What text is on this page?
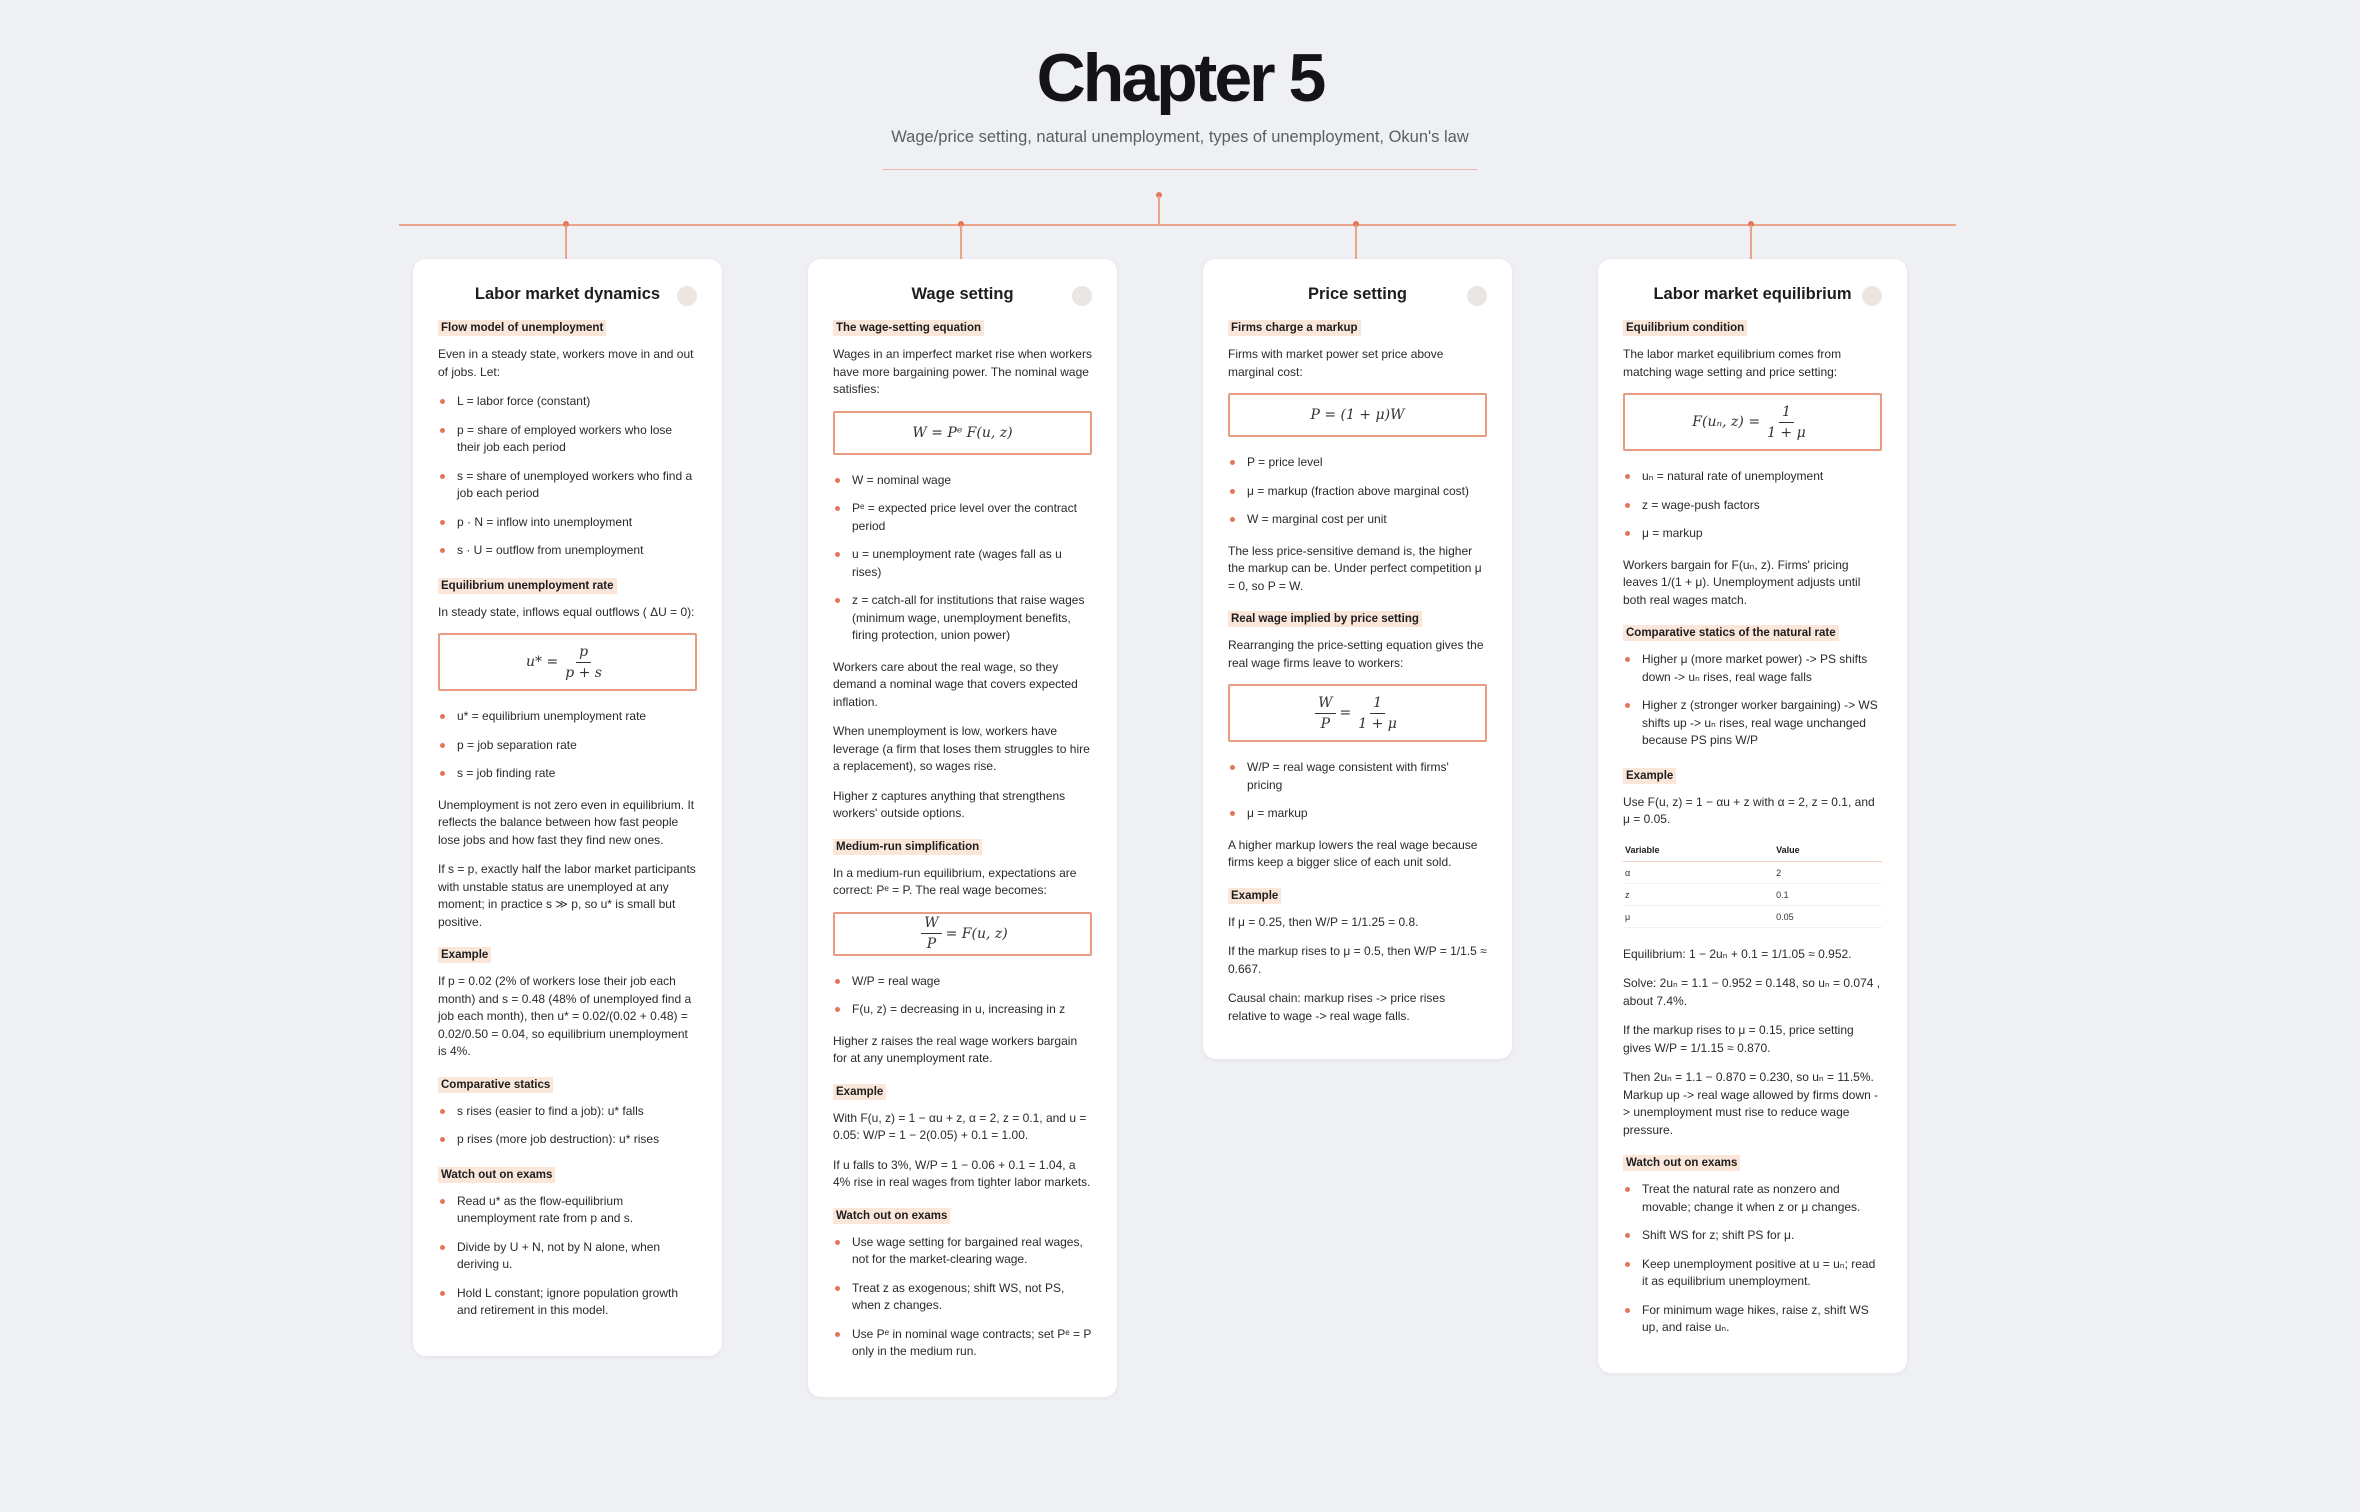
Chapter 5
Wage/price setting, natural unemployment, types of unemployment, Okun's law
Labor market dynamics
Flow model of unemployment

Even in a steady state, workers move in and out of jobs. Let:

L = labor force (constant)
p = share of employed workers who lose their job each period
s = share of unemployed workers who find a job each period
p · N = inflow into unemployment
s · U = outflow from unemployment
Equilibrium unemployment rate

In steady state, inflows equal outflows ( ΔU = 0):

$u* = \frac{p}{p + s}$
u* = equilibrium unemployment rate
p = job separation rate
s = job finding rate

Unemployment is not zero even in equilibrium. It reflects the balance between how fast people lose jobs and how fast they find new ones.

If s = p, exactly half the labor market participants with unstable status are unemployed at any moment; in practice s ≫ p, so u* is small but positive.

Example

If p = 0.02 (2% of workers lose their job each month) and s = 0.48 (48% of unemployed find a job each month), then u* = 0.02/(0.02 + 0.48) = 0.02/0.50 = 0.04, so equilibrium unemployment is 4%.

Comparative statics
s rises (easier to find a job): u* falls
p rises (more job destruction): u* rises
Watch out on exams
Read u* as the flow-equilibrium unemployment rate from p and s.
Divide by U + N, not by N alone, when deriving u.
Hold L constant; ignore population growth and retirement in this model.
Wage setting
The wage-setting equation

Wages in an imperfect market rise when workers have more bargaining power. The nominal wage satisfies:

W = Pᵉ F(u, z)
W = nominal wage
Pᵉ = expected price level over the contract period
u = unemployment rate (wages fall as u rises)
z = catch-all for institutions that raise wages (minimum wage, unemployment benefits, firing protection, union power)

Workers care about the real wage, so they demand a nominal wage that covers expected inflation.

When unemployment is low, workers have leverage (a firm that loses them struggles to hire a replacement), so wages rise.

Higher z captures anything that strengthens workers' outside options.

Medium-run simplification

In a medium-run equilibrium, expectations are correct: Pᵉ = P. The real wage becomes:

$\frac{W}{P} = F(u$, z)
W/P = real wage
F(u, z) = decreasing in u, increasing in z

Higher z raises the real wage workers bargain for at any unemployment rate.

Example

With F(u, z) = 1 − αu + z, α = 2, z = 0.1, and u = 0.05: W/P = 1 − 2(0.05) + 0.1 = 1.00.

If u falls to 3%, W/P = 1 − 0.06 + 0.1 = 1.04, a 4% rise in real wages from tighter labor markets.

Watch out on exams
Use wage setting for bargained real wages, not for the market-clearing wage.
Treat z as exogenous; shift WS, not PS, when z changes.
Use Pᵉ in nominal wage contracts; set Pᵉ = P only in the medium run.
Price setting
Firms charge a markup

Firms with market power set price above marginal cost:

P = (1 + μ)W
P = price level
μ = markup (fraction above marginal cost)
W = marginal cost per unit

The less price-sensitive demand is, the higher the markup can be. Under perfect competition μ = 0, so P = W.

Real wage implied by price setting

Rearranging the price-setting equation gives the real wage firms leave to workers:

$\frac{W}{P} = \frac{1}{1 + \mu}$
W/P = real wage consistent with firms' pricing
μ = markup

A higher markup lowers the real wage because firms keep a bigger slice of each unit sold.

Example

If μ = 0.25, then W/P = 1/1.25 = 0.8.

If the markup rises to μ = 0.5, then W/P = 1/1.5 ≈ 0.667.

Causal chain: markup rises -> price rises relative to wage -> real wage falls.

Labor market equilibrium
Equilibrium condition

The labor market equilibrium comes from matching wage setting and price setting:

F(uₙ, $z) = \frac{1}{1 + \mu}$
uₙ = natural rate of unemployment
z = wage-push factors
μ = markup

Workers bargain for F(uₙ, z). Firms' pricing leaves 1/(1 + μ). Unemployment adjusts until both real wages match.

Comparative statics of the natural rate
Higher μ (more market power) -> PS shifts down -> uₙ rises, real wage falls
Higher z (stronger worker bargaining) -> WS shifts up -> uₙ rises, real wage unchanged because PS pins W/P
Example

Use F(u, z) = 1 − αu + z with α = 2, z = 0.1, and μ = 0.05.

Variable	Value
α	2
z	0.1
μ	0.05

Equilibrium: 1 − 2uₙ + 0.1 = 1/1.05 ≈ 0.952.

Solve: 2uₙ = 1.1 − 0.952 = 0.148, so uₙ = 0.074 , about 7.4%.

If the markup rises to μ = 0.15, price setting gives W/P = 1/1.15 ≈ 0.870.

Then 2uₙ = 1.1 − 0.870 = 0.230, so uₙ = 11.5%. Markup up -> real wage allowed by firms down -> unemployment must rise to reduce wage pressure.

Watch out on exams
Treat the natural rate as nonzero and movable; change it when z or μ changes.
Shift WS for z; shift PS for μ.
Keep unemployment positive at u = uₙ; read it as equilibrium unemployment.
For minimum wage hikes, raise z, shift WS up, and raise uₙ.
